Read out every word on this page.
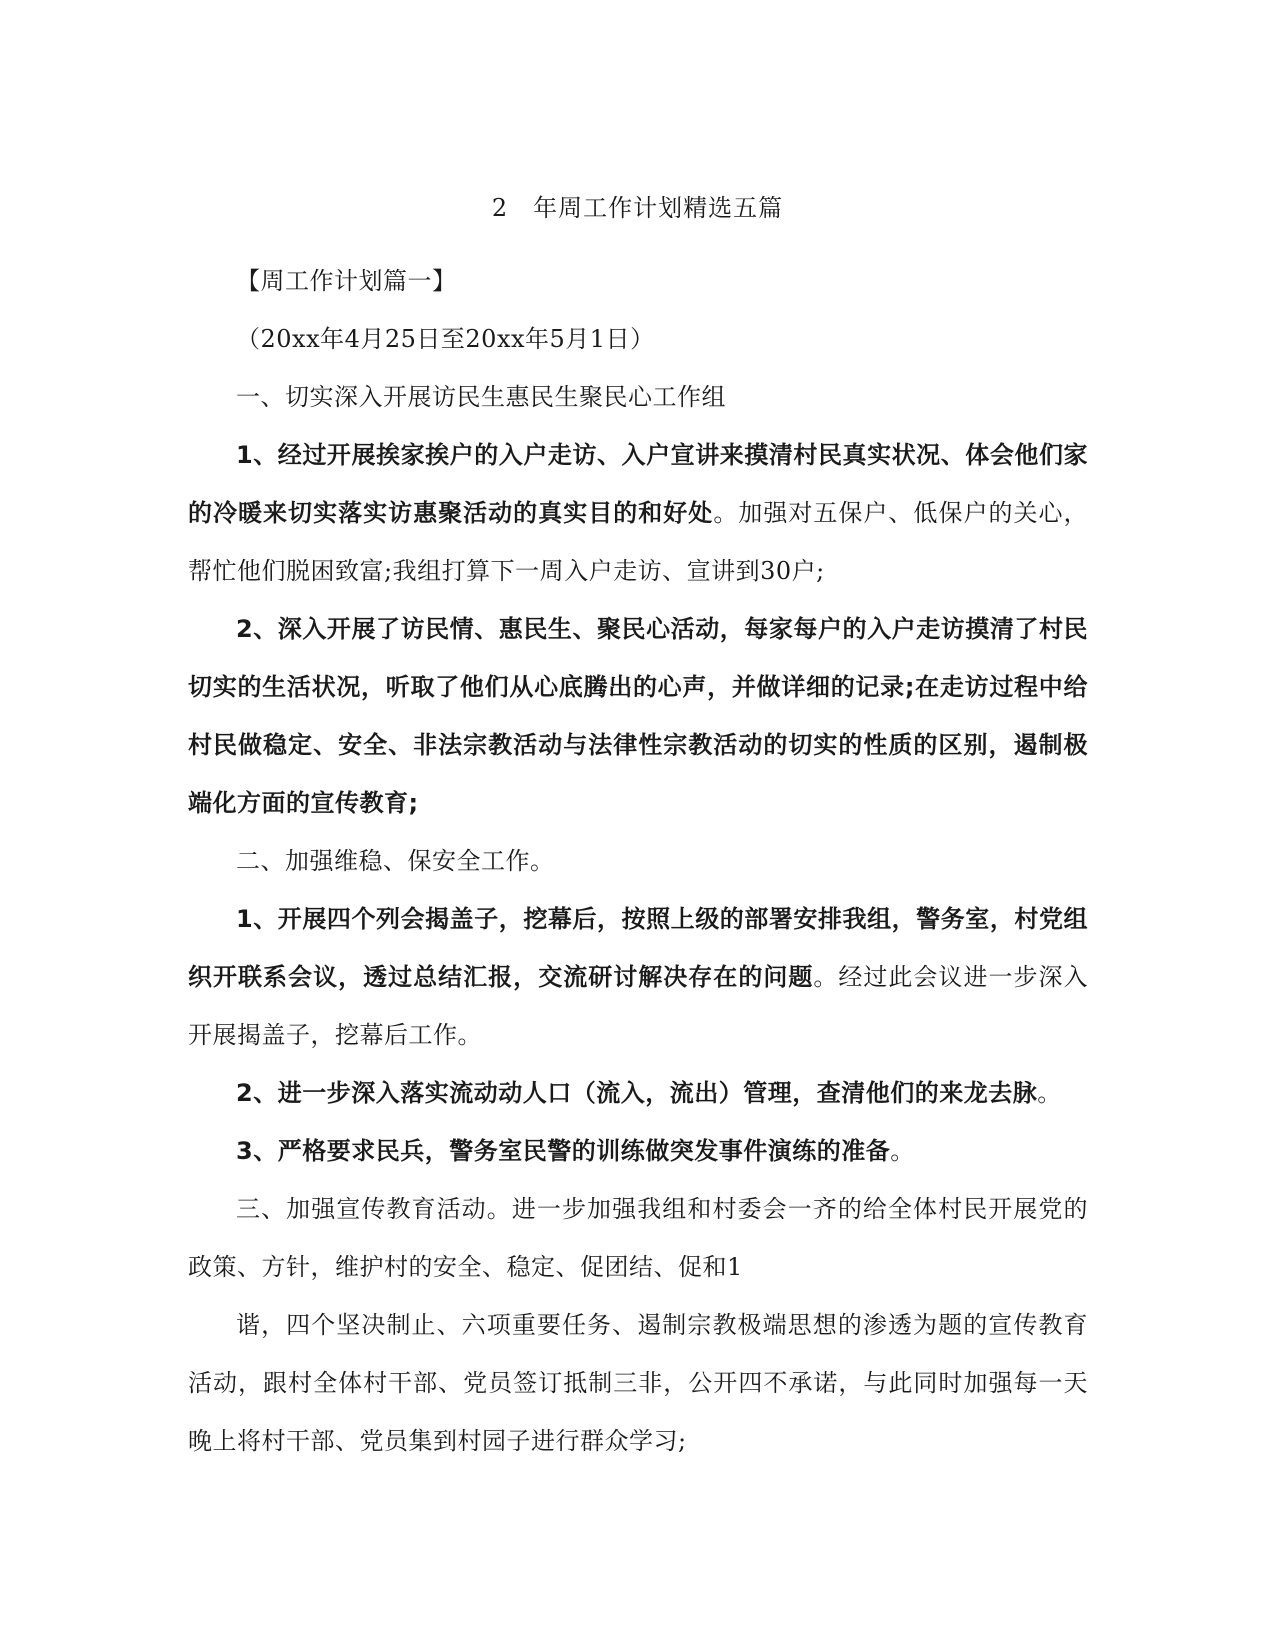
2　年周工作计划精选五篇

【周工作计划篇一】

（20xx年4月25日至20xx年5月1日）

一、切实深入开展访民生惠民生聚民心工作组

1、经过开展挨家挨户的入户走访、入户宣讲来摸清村民真实状况、体会他们家的冷暖来切实落实访惠聚活动的真实目的和好处。加强对五保户、低保户的关心，帮忙他们脱困致富;我组打算下一周入户走访、宣讲到30户;

2、深入开展了访民情、惠民生、聚民心活动，每家每户的入户走访摸清了村民切实的生活状况，听取了他们从心底腾出的心声，并做详细的记录;在走访过程中给村民做稳定、安全、非法宗教活动与法律性宗教活动的切实的性质的区别，遏制极端化方面的宣传教育;

二、加强维稳、保安全工作。

1、开展四个列会揭盖子，挖幕后，按照上级的部署安排我组，警务室，村党组织开联系会议，透过总结汇报，交流研讨解决存在的问题。经过此会议进一步深入开展揭盖子，挖幕后工作。

2、进一步深入落实流动动人口（流入，流出）管理，查清他们的来龙去脉。

3、严格要求民兵，警务室民警的训练做突发事件演练的准备。

三、加强宣传教育活动。进一步加强我组和村委会一齐的给全体村民开展党的政策、方针，维护村的安全、稳定、促团结、促和1

谐，四个坚决制止、六项重要任务、遏制宗教极端思想的渗透为题的宣传教育活动，跟村全体村干部、党员签订抵制三非，公开四不承诺，与此同时加强每一天晚上将村干部、党员集到村园子进行群众学习;
